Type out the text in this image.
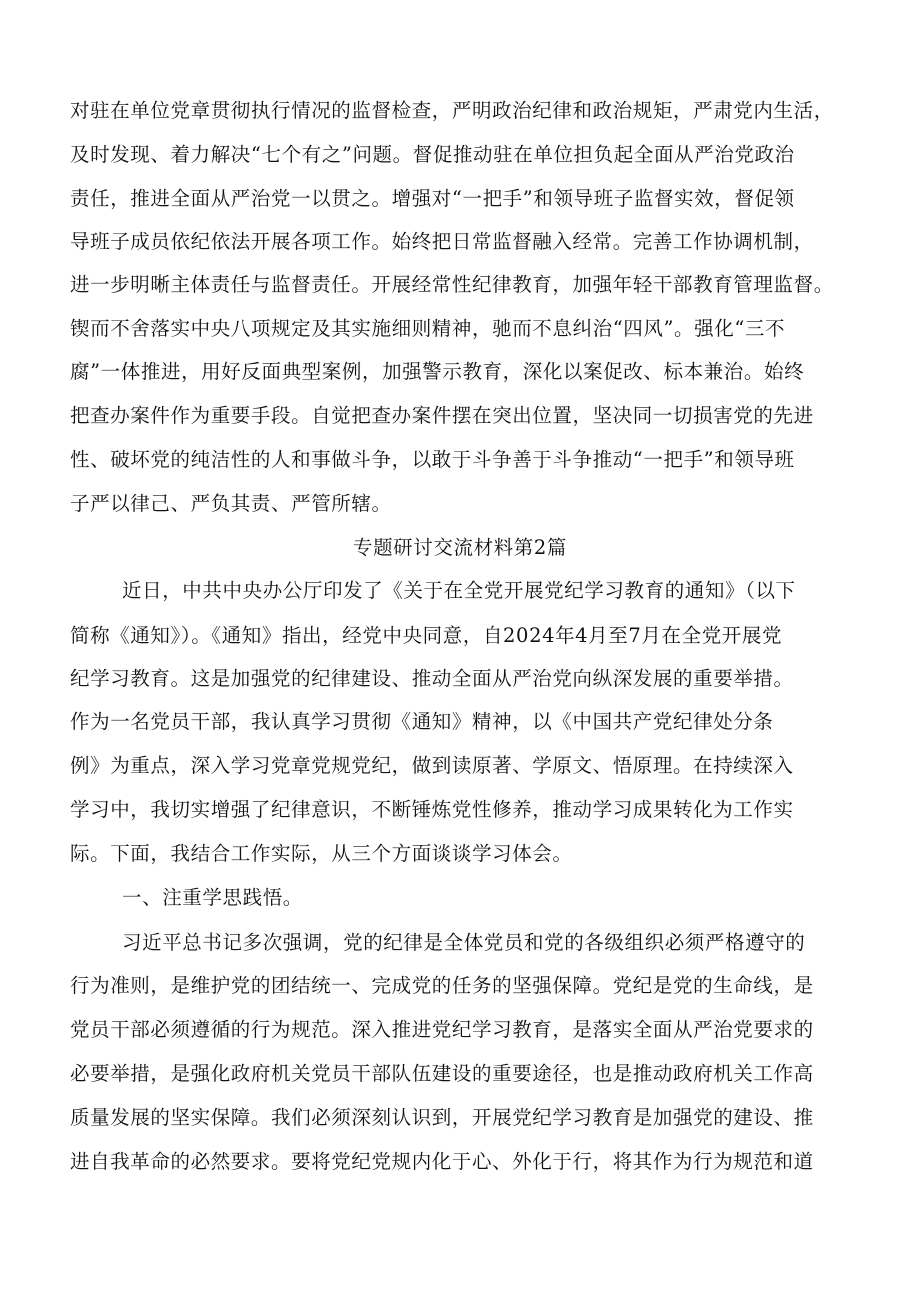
对驻在单位党章贯彻执行情况的监督检查，严明政治纪律和政治规矩，严肃党内生活，
及时发现、着力解决“七个有之”问题。督促推动驻在单位担负起全面从严治党政治
责任，推进全面从严治党一以贯之。增强对“一把手”和领导班子监督实效，督促领
导班子成员依纪依法开展各项工作。始终把日常监督融入经常。完善工作协调机制，
进一步明晰主体责任与监督责任。开展经常性纪律教育，加强年轻干部教育管理监督。
锲而不舍落实中央八项规定及其实施细则精神，驰而不息纠治“四风”。强化“三不
腐”一体推进，用好反面典型案例，加强警示教育，深化以案促改、标本兼治。始终
把查办案件作为重要手段。自觉把查办案件摆在突出位置，坚决同一切损害党的先进
性、破坏党的纯洁性的人和事做斗争，以敢于斗争善于斗争推动“一把手”和领导班
子严以律己、严负其责、严管所辖。
专题研讨交流材料第2篇
近日，中共中央办公厅印发了《关于在全党开展党纪学习教育的通知》（以下
简称《通知》）。《通知》指出，经党中央同意，自2024年4月至7月在全党开展党
纪学习教育。这是加强党的纪律建设、推动全面从严治党向纵深发展的重要举措。
作为一名党员干部，我认真学习贯彻《通知》精神，以《中国共产党纪律处分条
例》为重点，深入学习党章党规党纪，做到读原著、学原文、悟原理。在持续深入
学习中，我切实增强了纪律意识，不断锤炼党性修养，推动学习成果转化为工作实
际。下面，我结合工作实际，从三个方面谈谈学习体会。
一、注重学思践悟。
习近平总书记多次强调，党的纪律是全体党员和党的各级组织必须严格遵守的
行为准则，是维护党的团结统一、完成党的任务的坚强保障。党纪是党的生命线，是
党员干部必须遵循的行为规范。深入推进党纪学习教育，是落实全面从严治党要求的
必要举措，是强化政府机关党员干部队伍建设的重要途径，也是推动政府机关工作高
质量发展的坚实保障。我们必须深刻认识到，开展党纪学习教育是加强党的建设、推
进自我革命的必然要求。要将党纪党规内化于心、外化于行，将其作为行为规范和道
